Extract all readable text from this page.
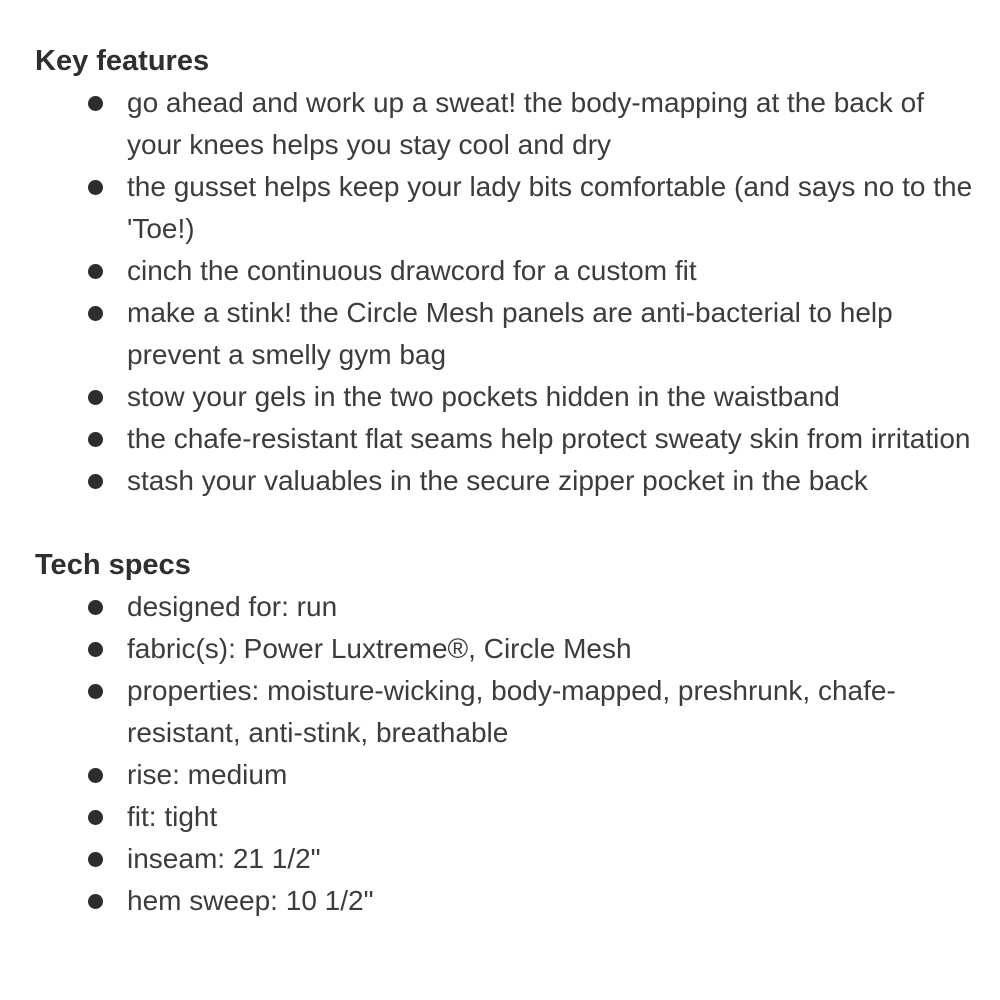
Key features
go ahead and work up a sweat! the body-mapping at the back of your knees helps you stay cool and dry
the gusset helps keep your lady bits comfortable (and says no to the 'Toe!)
cinch the continuous drawcord for a custom fit
make a stink! the Circle Mesh panels are anti-bacterial to help prevent a smelly gym bag
stow your gels in the two pockets hidden in the waistband
the chafe-resistant flat seams help protect sweaty skin from irritation
stash your valuables in the secure zipper pocket in the back
Tech specs
designed for: run
fabric(s): Power Luxtreme®, Circle Mesh
properties: moisture-wicking, body-mapped, preshrunk, chafe-resistant, anti-stink, breathable
rise: medium
fit: tight
inseam: 21 1/2"
hem sweep: 10 1/2"
